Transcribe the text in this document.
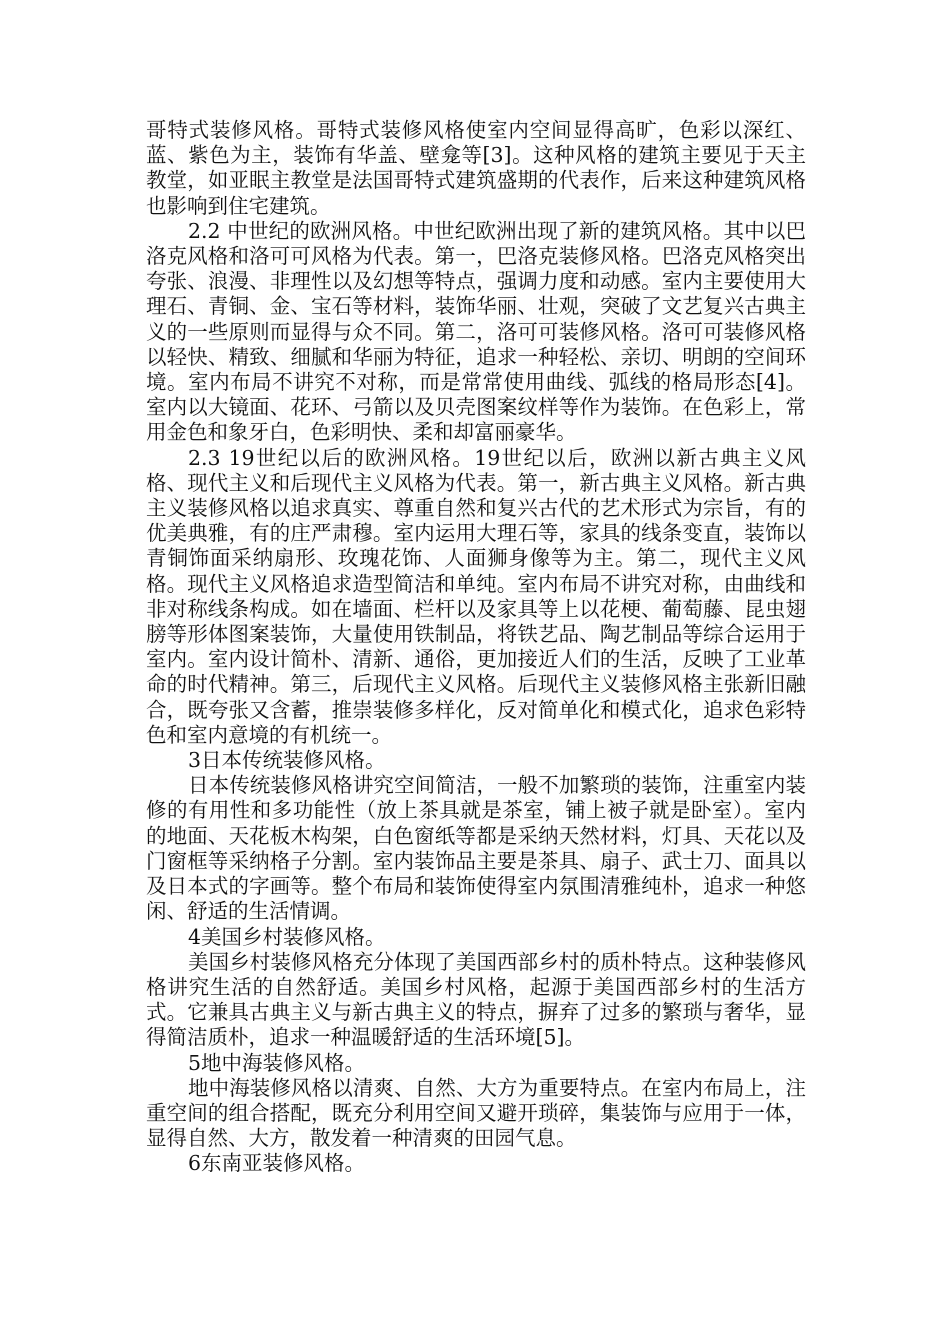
哥特式装修风格。哥特式装修风格使室内空间显得高旷，色彩以深红、蓝、紫色为主，装饰有华盖、壁龛等[3]。这种风格的建筑主要见于天主教堂，如亚眠主教堂是法国哥特式建筑盛期的代表作，后来这种建筑风格也影响到住宅建筑。

2.2 中世纪的欧洲风格。中世纪欧洲出现了新的建筑风格。其中以巴洛克风格和洛可可风格为代表。第一，巴洛克装修风格。巴洛克风格突出夸张、浪漫、非理性以及幻想等特点，强调力度和动感。室内主要使用大理石、青铜、金、宝石等材料，装饰华丽、壮观，突破了文艺复兴古典主义的一些原则而显得与众不同。第二，洛可可装修风格。洛可可装修风格以轻快、精致、细腻和华丽为特征，追求一种轻松、亲切、明朗的空间环境。室内布局不讲究不对称，而是常常使用曲线、弧线的格局形态[4]。室内以大镜面、花环、弓箭以及贝壳图案纹样等作为装饰。在色彩上，常用金色和象牙白，色彩明快、柔和却富丽豪华。

2.3 19世纪以后的欧洲风格。19世纪以后，欧洲以新古典主义风格、现代主义和后现代主义风格为代表。第一，新古典主义风格。新古典主义装修风格以追求真实、尊重自然和复兴古代的艺术形式为宗旨，有的优美典雅，有的庄严肃穆。室内运用大理石等，家具的线条变直，装饰以青铜饰面采纳扇形、玫瑰花饰、人面狮身像等为主。第二，现代主义风格。现代主义风格追求造型简洁和单纯。室内布局不讲究对称，由曲线和非对称线条构成。如在墙面、栏杆以及家具等上以花梗、葡萄藤、昆虫翅膀等形体图案装饰，大量使用铁制品，将铁艺品、陶艺制品等综合运用于室内。室内设计简朴、清新、通俗，更加接近人们的生活，反映了工业革命的时代精神。第三，后现代主义风格。后现代主义装修风格主张新旧融合，既夸张又含蓄，推崇装修多样化，反对简单化和模式化，追求色彩特色和室内意境的有机统一。

3日本传统装修风格。

日本传统装修风格讲究空间简洁，一般不加繁琐的装饰，注重室内装修的有用性和多功能性（放上茶具就是茶室，铺上被子就是卧室）。室内的地面、天花板木构架，白色窗纸等都是采纳天然材料，灯具、天花以及门窗框等采纳格子分割。室内装饰品主要是茶具、扇子、武士刀、面具以及日本式的字画等。整个布局和装饰使得室内氛围清雅纯朴，追求一种悠闲、舒适的生活情调。

4美国乡村装修风格。

美国乡村装修风格充分体现了美国西部乡村的质朴特点。这种装修风格讲究生活的自然舒适。美国乡村风格，起源于美国西部乡村的生活方式。它兼具古典主义与新古典主义的特点，摒弃了过多的繁琐与奢华，显得简洁质朴，追求一种温暖舒适的生活环境[5]。

5地中海装修风格。

地中海装修风格以清爽、自然、大方为重要特点。在室内布局上，注重空间的组合搭配，既充分利用空间又避开琐碎，集装饰与应用于一体，显得自然、大方，散发着一种清爽的田园气息。

6东南亚装修风格。
